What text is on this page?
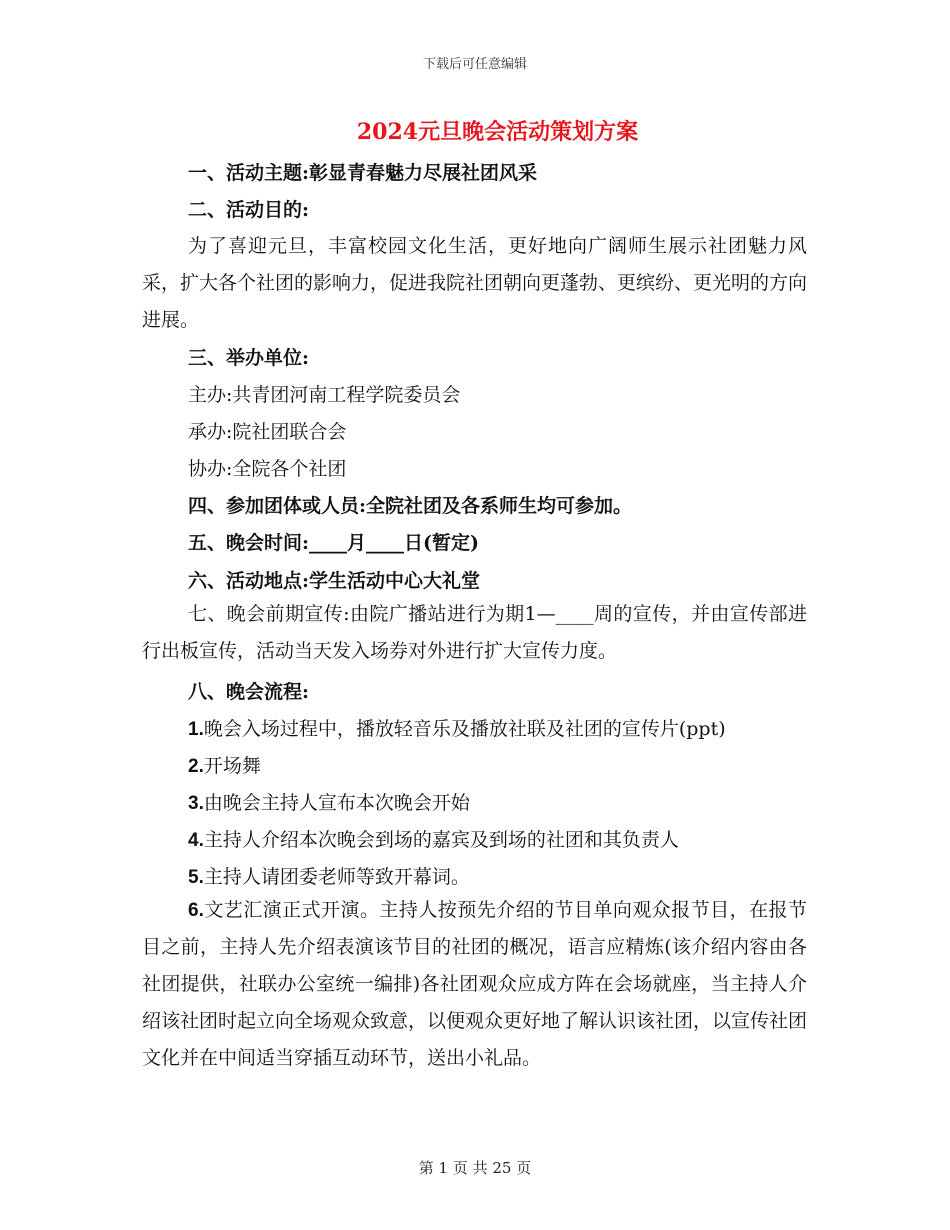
下载后可任意编辑
2024元旦晚会活动策划方案
一、活动主题:彰显青春魅力尽展社团风采
二、活动目的:
为了喜迎元旦，丰富校园文化生活，更好地向广阔师生展示社团魅力风采，扩大各个社团的影响力，促进我院社团朝向更蓬勃、更缤纷、更光明的方向进展。
三、举办单位:
主办:共青团河南工程学院委员会
承办:院社团联合会
协办:全院各个社团
四、参加团体或人员:全院社团及各系师生均可参加。
五、晚会时间:____月____日(暂定)
六、活动地点:学生活动中心大礼堂
七、晚会前期宣传:由院广播站进行为期1—____周的宣传，并由宣传部进行出板宣传，活动当天发入场券对外进行扩大宣传力度。
八、晚会流程:
1.晚会入场过程中，播放轻音乐及播放社联及社团的宣传片(ppt)
2.开场舞
3.由晚会主持人宣布本次晚会开始
4.主持人介绍本次晚会到场的嘉宾及到场的社团和其负责人
5.主持人请团委老师等致开幕词。
6.文艺汇演正式开演。主持人按预先介绍的节目单向观众报节目，在报节目之前，主持人先介绍表演该节目的社团的概况，语言应精炼(该介绍内容由各社团提供，社联办公室统一编排)各社团观众应成方阵在会场就座，当主持人介绍该社团时起立向全场观众致意，以便观众更好地了解认识该社团，以宣传社团文化并在中间适当穿插互动环节，送出小礼品。
第 1 页 共 25 页
